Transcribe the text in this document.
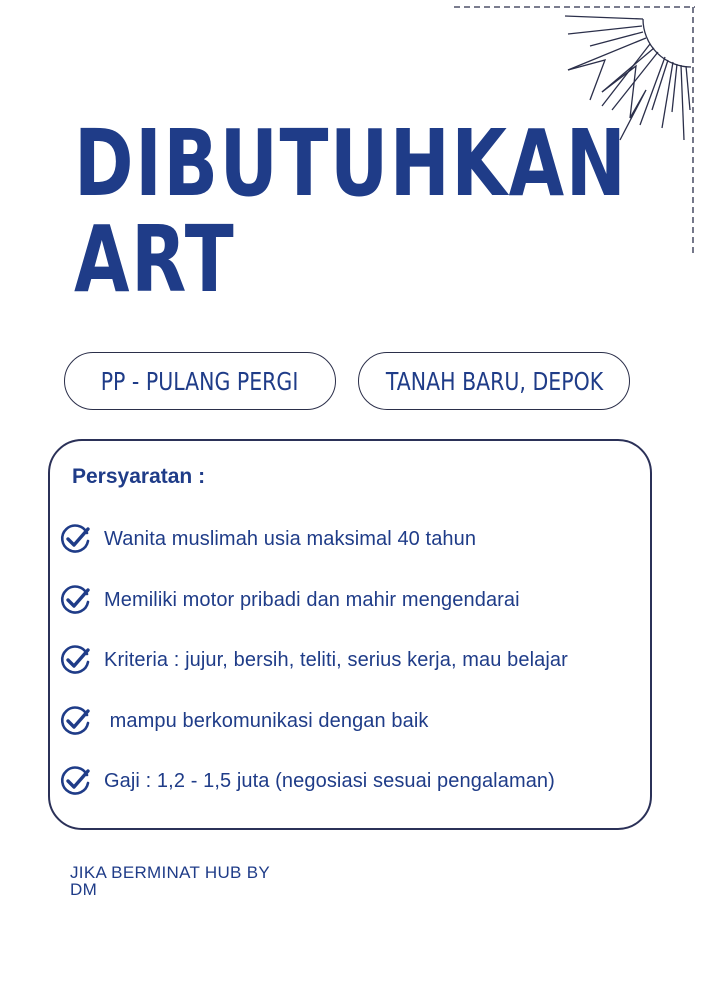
DIBUTUHKAN
ART
PP - PULANG PERGI	TANAH BARU, DEPOK
Persyaratan :
Wanita muslimah usia maksimal 40 tahun
Memiliki motor pribadi dan mahir mengendarai
Kriteria : jujur, bersih, teliti, serius kerja, mau belajar
mampu berkomunikasi dengan baik
Gaji : 1,2 - 1,5 juta (negosiasi sesuai pengalaman)
JIKA BERMINAT HUB BY DM
